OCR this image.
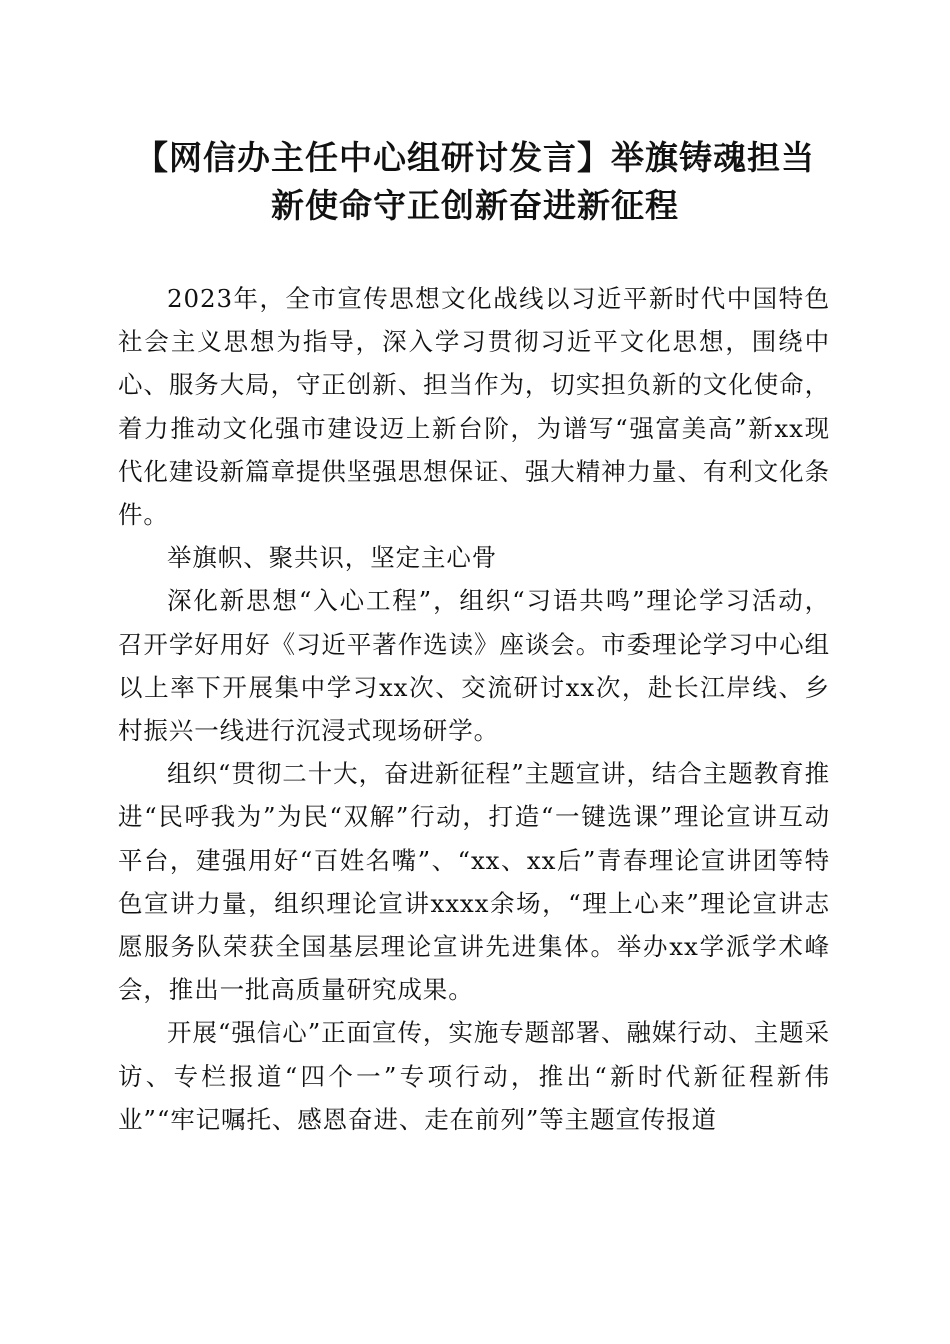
【网信办主任中心组研讨发言】举旗铸魂担当
新使命守正创新奋进新征程

2023年，全市宣传思想文化战线以习近平新时代中国特色社会主义思想为指导，深入学习贯彻习近平文化思想，围绕中心、服务大局，守正创新、担当作为，切实担负新的文化使命，着力推动文化强市建设迈上新台阶，为谱写“强富美高”新xx现代化建设新篇章提供坚强思想保证、强大精神力量、有利文化条件。

举旗帜、聚共识，坚定主心骨

深化新思想“入心工程”，组织“习语共鸣”理论学习活动，召开学好用好《习近平著作选读》座谈会。市委理论学习中心组以上率下开展集中学习xx次、交流研讨xx次，赴长江岸线、乡村振兴一线进行沉浸式现场研学。

组织“贯彻二十大，奋进新征程”主题宣讲，结合主题教育推进“民呼我为”为民“双解”行动，打造“一键选课”理论宣讲互动平台，建强用好“百姓名嘴”、“xx、xx后”青春理论宣讲团等特色宣讲力量，组织理论宣讲xxxx余场，“理上心来”理论宣讲志愿服务队荣获全国基层理论宣讲先进集体。举办xx学派学术峰会，推出一批高质量研究成果。

开展“强信心”正面宣传，实施专题部署、融媒行动、主题采访、专栏报道“四个一”专项行动，推出“新时代新征程新伟业”“牢记嘱托、感恩奋进、走在前列”等主题宣传报道
